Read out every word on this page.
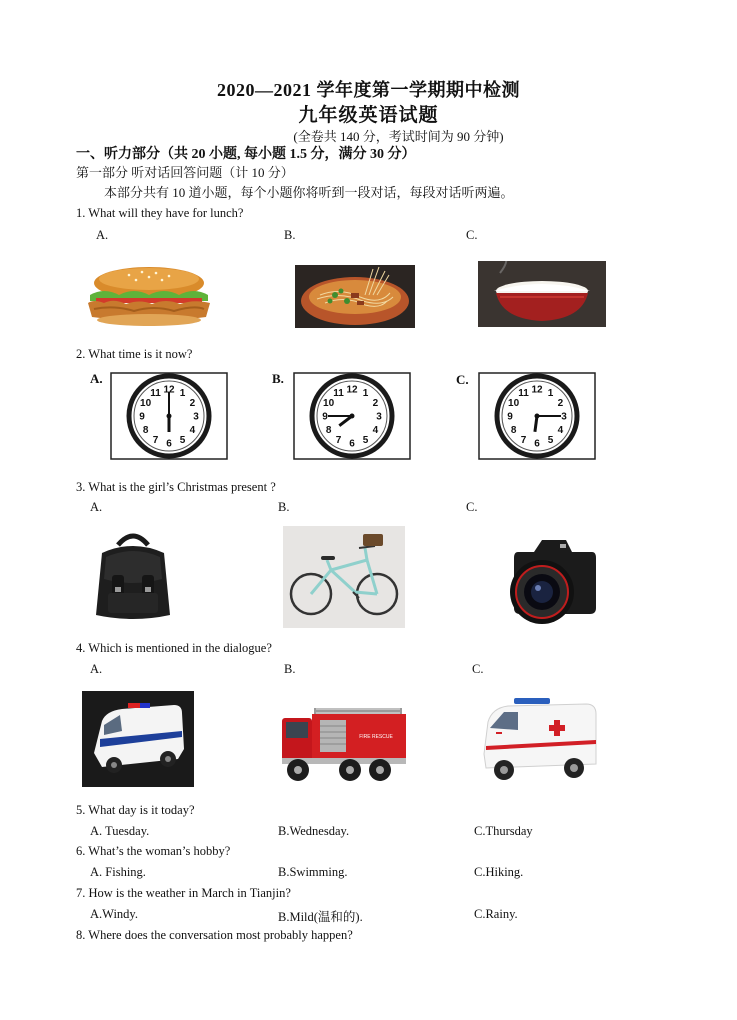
2020—2021 学年度第一学期期中检测
九年级英语试题
(全卷共 140 分，考试时间为 90 分钟)
一、听力部分（共 20 小题, 每小题 1.5 分，满分 30 分）
第一部分 听对话回答问题（计 10 分）
本部分共有 10 道小题，每个小题你将听到一段对话，每段对话听两遍。
1. What will they have for lunch?
A.	B.	C.
2. What time is it now?
A.	B.	C.
12 1
2
3
4
5
6
7
8
9
10
11	12 1
2
3
4
5
6
7
8
9
10
11	12 1
2
3
4
5
6
7
8
9
10
11
3. What is the girl’s Christmas present ?
A.	B.	C.
4. Which is mentioned in the dialogue?
A.	B.	C.
FIRE RESCUE
5. What day is it today?
A. Tuesday.	B.Wednesday.	C.Thursday
6. What’s the woman’s hobby?
A. Fishing.	B.Swimming.	C.Hiking.
7. How is the weather in March in Tianjin?
A.Windy.	B.Mild(温和的).	C.Rainy.
8. Where does the conversation most probably happen?
